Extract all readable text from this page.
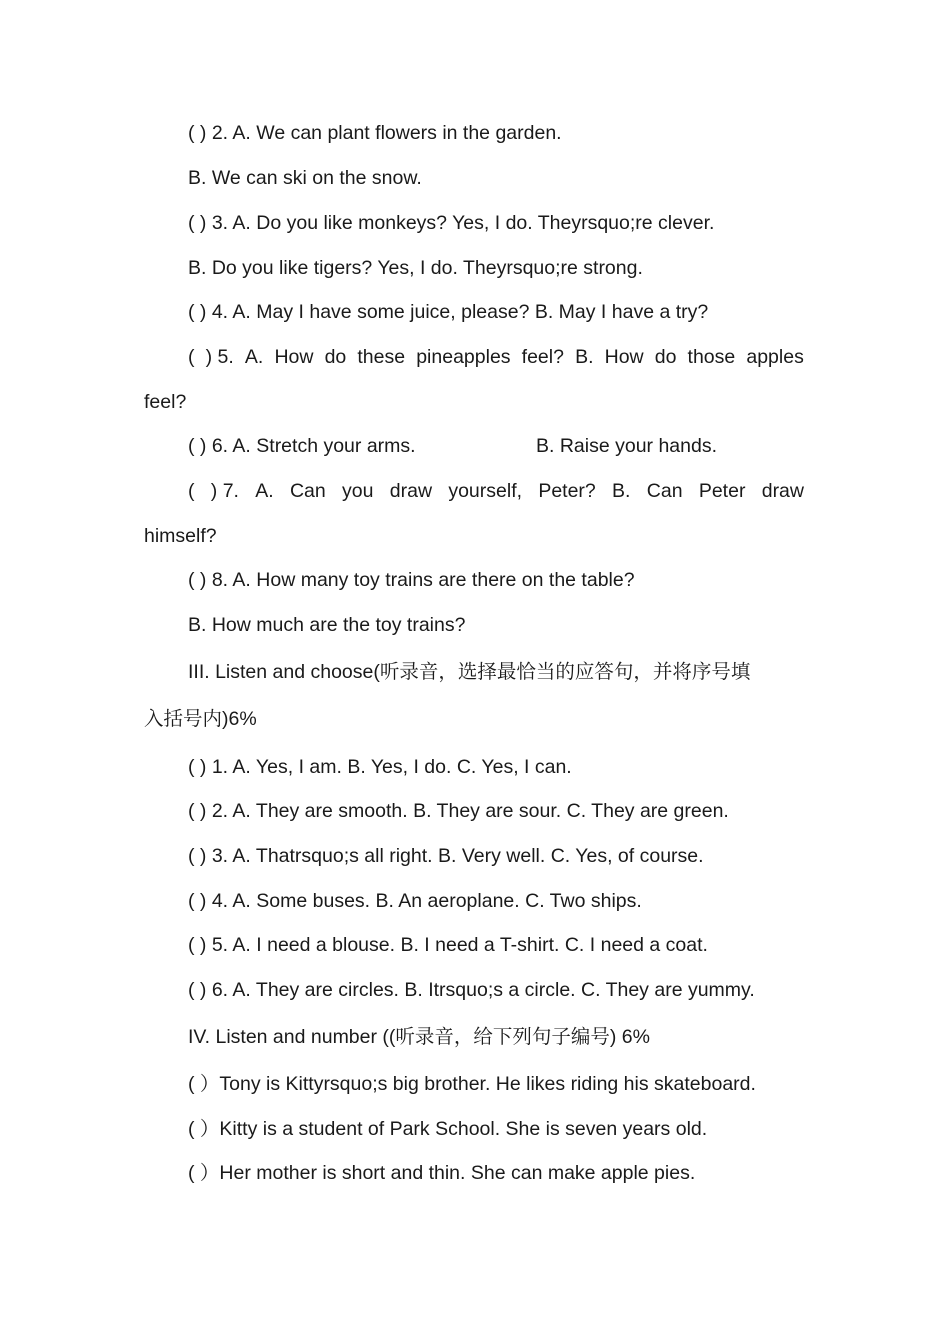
( ) 2. A. We can plant flowers in the garden.
B. We can ski on the snow.
( ) 3. A. Do you like monkeys? Yes, I do. Theyrsquo;re clever.
B. Do you like tigers? Yes, I do. Theyrsquo;re strong.
( ) 4. A. May I have some juice, please? B. May I have a try?
( ) 5. A. How do these pineapples feel? B. How do those apples
feel?
( ) 6. A. Stretch your arms.	B. Raise your hands.
( ) 7. A. Can you draw yourself, Peter? B. Can Peter draw
himself?
( ) 8. A. How many toy trains are there on the table?
B. How much are the toy trains?
III. Listen and choose(听录音，选择最恰当的应答句，并将序号填
入括号内)6%
( ) 1. A. Yes, I am. B. Yes, I do. C. Yes, I can.
( ) 2. A. They are smooth. B. They are sour. C. They are green.
( ) 3. A. Thatrsquo;s all right. B. Very well. C. Yes, of course.
( ) 4. A. Some buses. B. An aeroplane. C. Two ships.
( ) 5. A. I need a blouse. B. I need a T-shirt. C. I need a coat.
( ) 6. A. They are circles. B. Itrsquo;s a circle. C. They are yummy.
IV. Listen and number ((听录音，给下列句子编号) 6%
( ）Tony is Kittyrsquo;s big brother. He likes riding his skateboard.
( ）Kitty is a student of Park School. She is seven years old.
( ）Her mother is short and thin. She can make apple pies.
